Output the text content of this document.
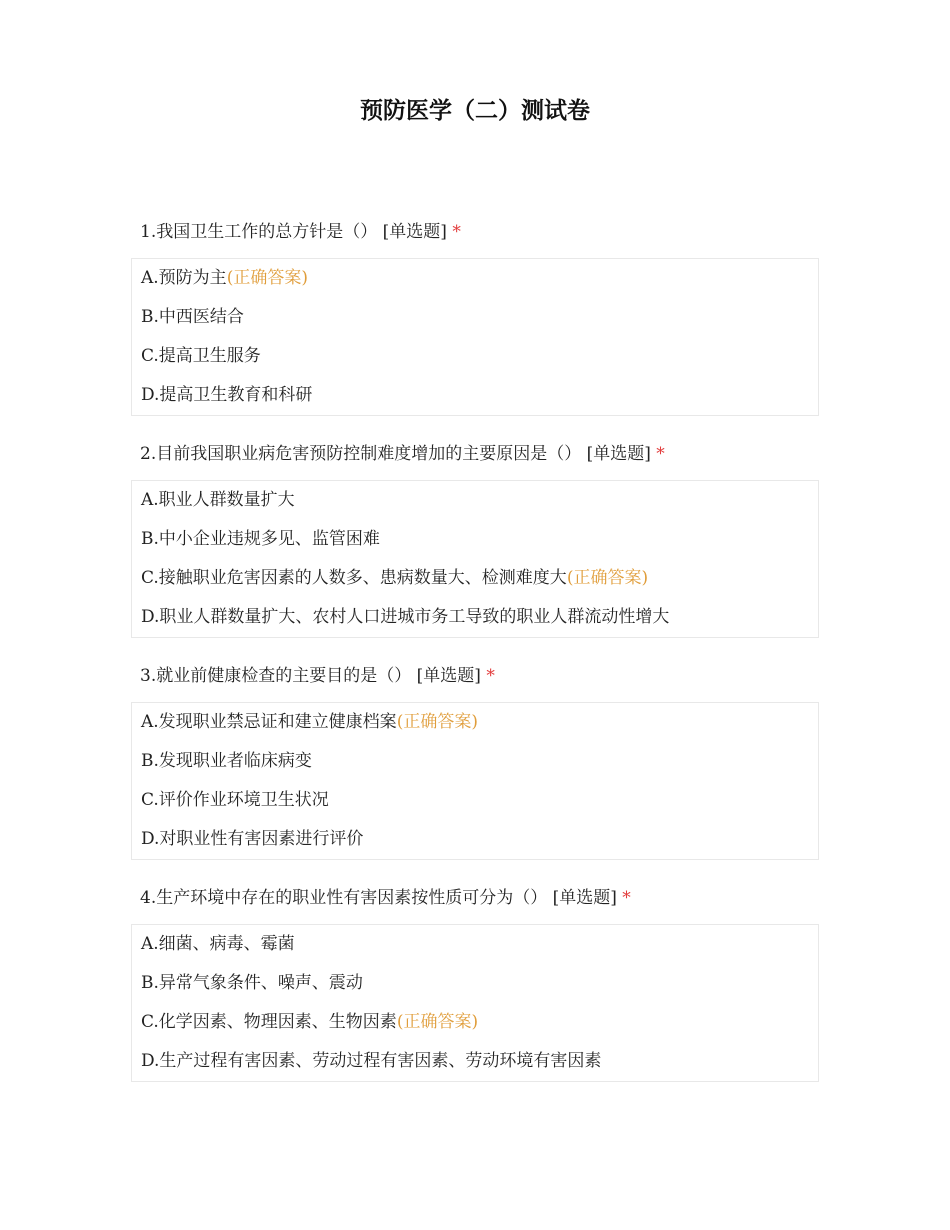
预防医学（二）测试卷
1.我国卫生工作的总方针是（） [单选题] *
A.预防为主(正确答案)
B.中西医结合
C.提高卫生服务
D.提高卫生教育和科研
2.目前我国职业病危害预防控制难度增加的主要原因是（） [单选题] *
A.职业人群数量扩大
B.中小企业违规多见、监管困难
C.接触职业危害因素的人数多、患病数量大、检测难度大(正确答案)
D.职业人群数量扩大、农村人口进城市务工导致的职业人群流动性增大
3.就业前健康检查的主要目的是（） [单选题] *
A.发现职业禁忌证和建立健康档案(正确答案)
B.发现职业者临床病变
C.评价作业环境卫生状况
D.对职业性有害因素进行评价
4.生产环境中存在的职业性有害因素按性质可分为（） [单选题] *
A.细菌、病毒、霉菌
B.异常气象条件、噪声、震动
C.化学因素、物理因素、生物因素(正确答案)
D.生产过程有害因素、劳动过程有害因素、劳动环境有害因素
